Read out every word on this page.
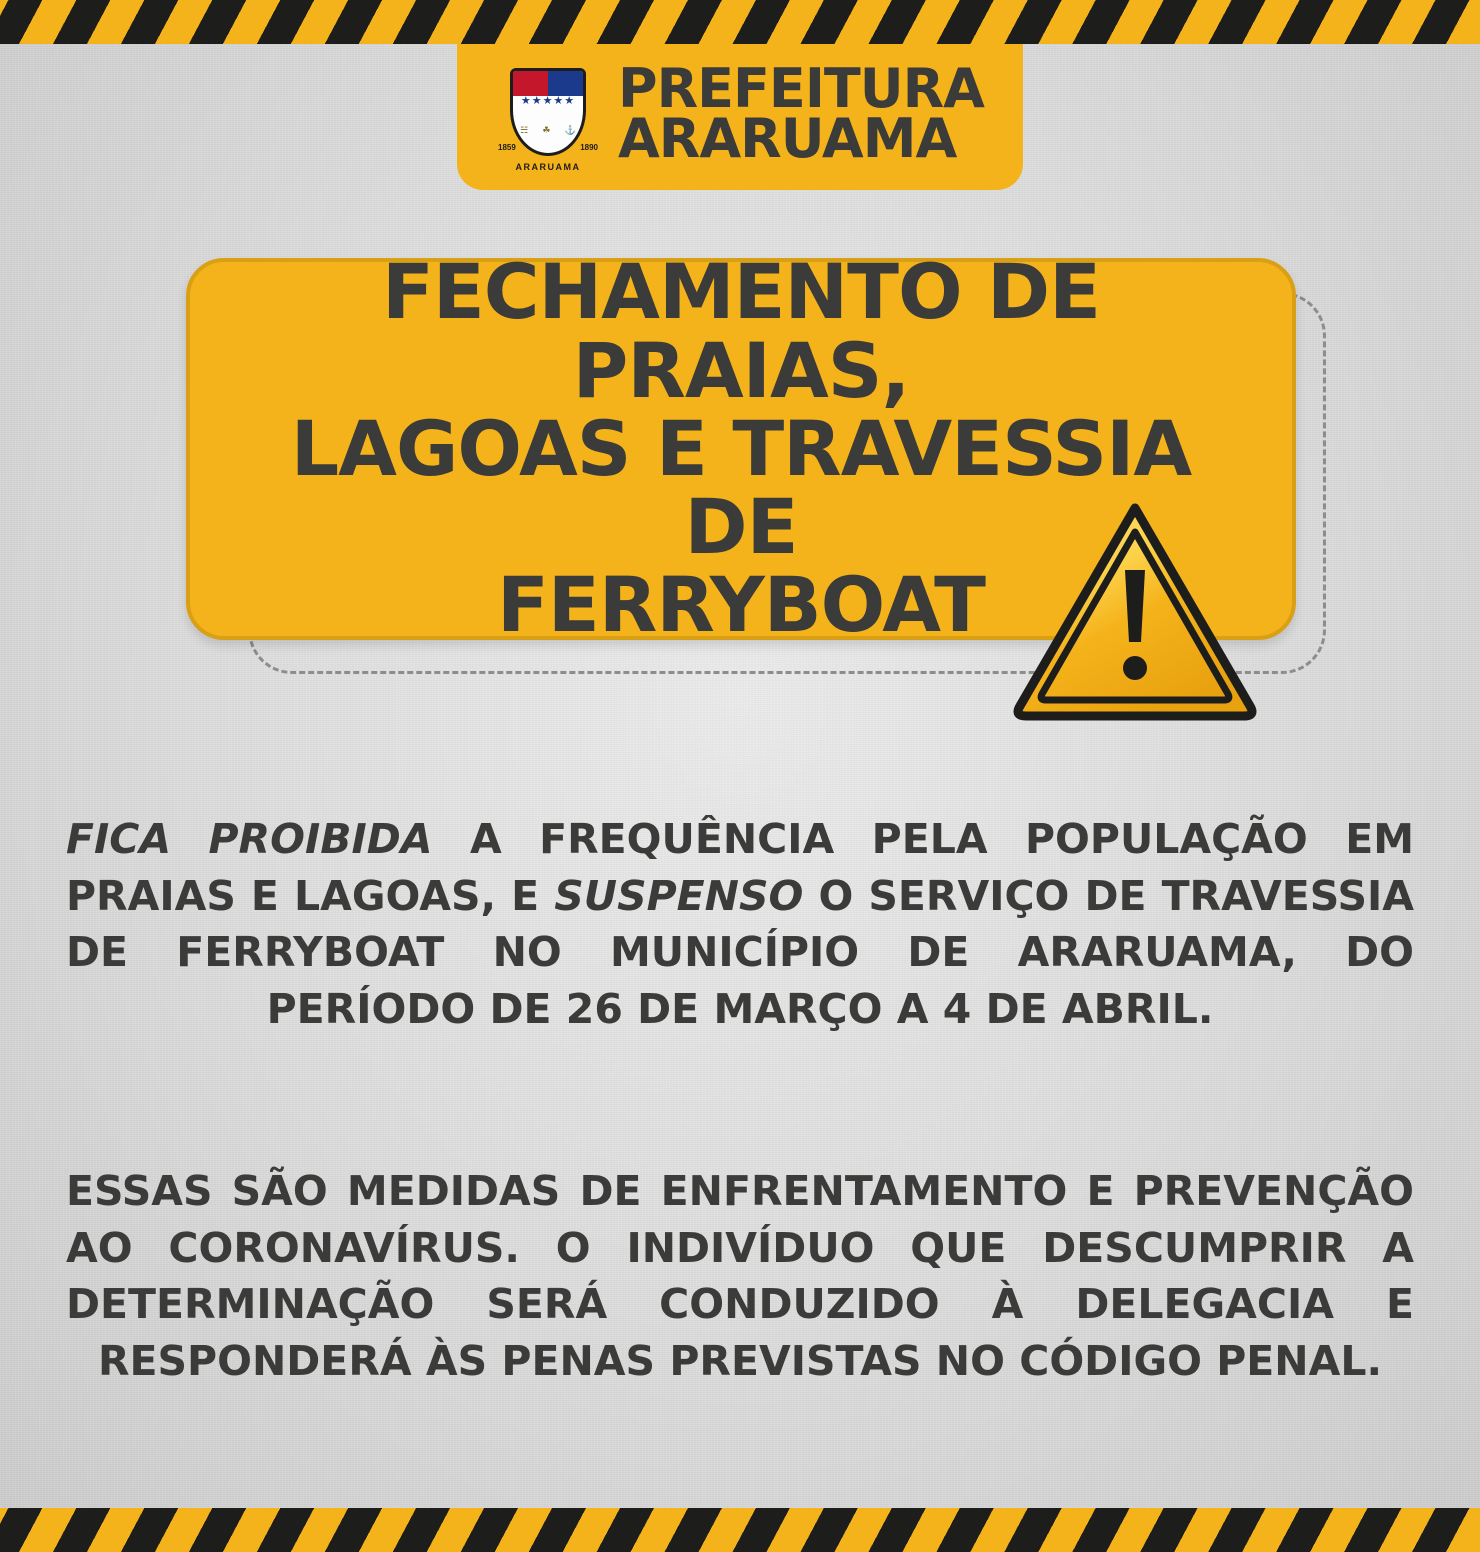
★★★★★
☵ ☘ ⚓
1859	1890
ARARUAMA
PREFEITURA
ARARUAMA
FECHAMENTO DE PRAIAS,
LAGOAS E TRAVESSIA DE
FERRYBOAT

FICA PROIBIDA A FREQUÊNCIA PELA POPULAÇÃO EM PRAIAS E LAGOAS, E SUSPENSO O SERVIÇO DE TRAVESSIA DE FERRYBOAT NO MUNICÍPIO DE ARARUAMA, DO PERÍODO DE 26 DE MARÇO A 4 DE ABRIL.

ESSAS SÃO MEDIDAS DE ENFRENTAMENTO E PREVENÇÃO AO CORONAVÍRUS. O INDIVÍDUO QUE DESCUMPRIR A DETERMINAÇÃO SERÁ CONDUZIDO À DELEGACIA E RESPONDERÁ ÀS PENAS PREVISTAS NO CÓDIGO PENAL.
